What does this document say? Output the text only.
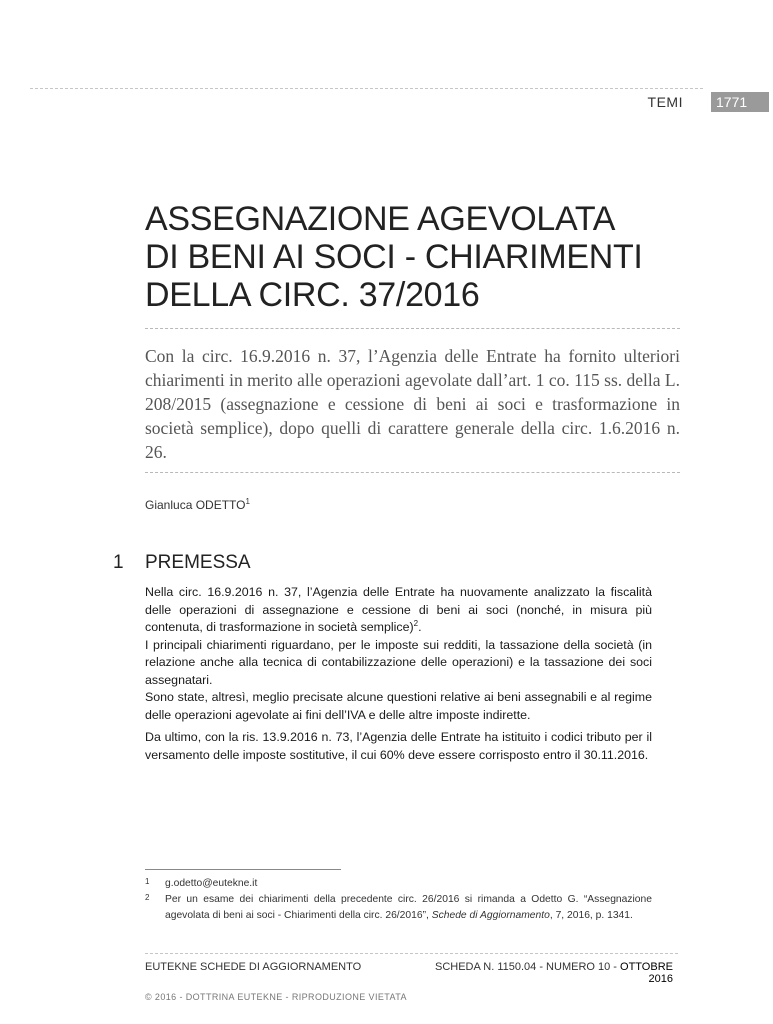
TEMI	1771
ASSEGNAZIONE AGEVOLATA
DI BENI AI SOCI - CHIARIMENTI
DELLA CIRC. 37/2016

Con la circ. 16.9.2016 n. 37, l’Agenzia delle Entrate ha fornito ulteriori chiarimenti in merito alle operazioni agevolate dall’art. 1 co. 115 ss. della L. 208/2015 (assegnazione e cessione di beni ai soci e trasformazione in società semplice), dopo quelli di carattere generale della circ. 1.6.2016 n. 26.

Gianluca ODETTO$^1$
1 PREMESSA

Nella circ. 16.9.2016 n. 37, l’Agenzia delle Entrate ha nuovamente analizzato la fiscalità delle operazioni di assegnazione e cessione di beni ai soci (nonché, in misura più contenuta, di trasformazione in società semplice)$^2$.

I principali chiarimenti riguardano, per le imposte sui redditi, la tassazione della società (in relazione anche alla tecnica di contabilizzazione delle operazioni) e la tassazione dei soci assegnatari.

Sono state, altresì, meglio precisate alcune questioni relative ai beni assegnabili e al regime delle operazioni agevolate ai fini dell’IVA e delle altre imposte indirette.

Da ultimo, con la ris. 13.9.2016 n. 73, l’Agenzia delle Entrate ha istituito i codici tributo per il versamento delle imposte sostitutive, il cui 60% deve essere corrisposto entro il 30.11.2016.

1	g.odetto@eutekne.it
2	Per un esame dei chiarimenti della precedente circ. 26/2016 si rimanda a Odetto G. “Assegnazione agevolata di beni ai soci - Chiarimenti della circ. 26/2016”, Schede di Aggiornamento, 7, 2016, p. 1341.
EUTEKNE SCHEDE DI AGGIORNAMENTO	SCHEDA N. 1150.04 - NUMERO 10 - OTTOBRE 2016
© 2016 - DOTTRINA EUTEKNE - RIPRODUZIONE VIETATA
